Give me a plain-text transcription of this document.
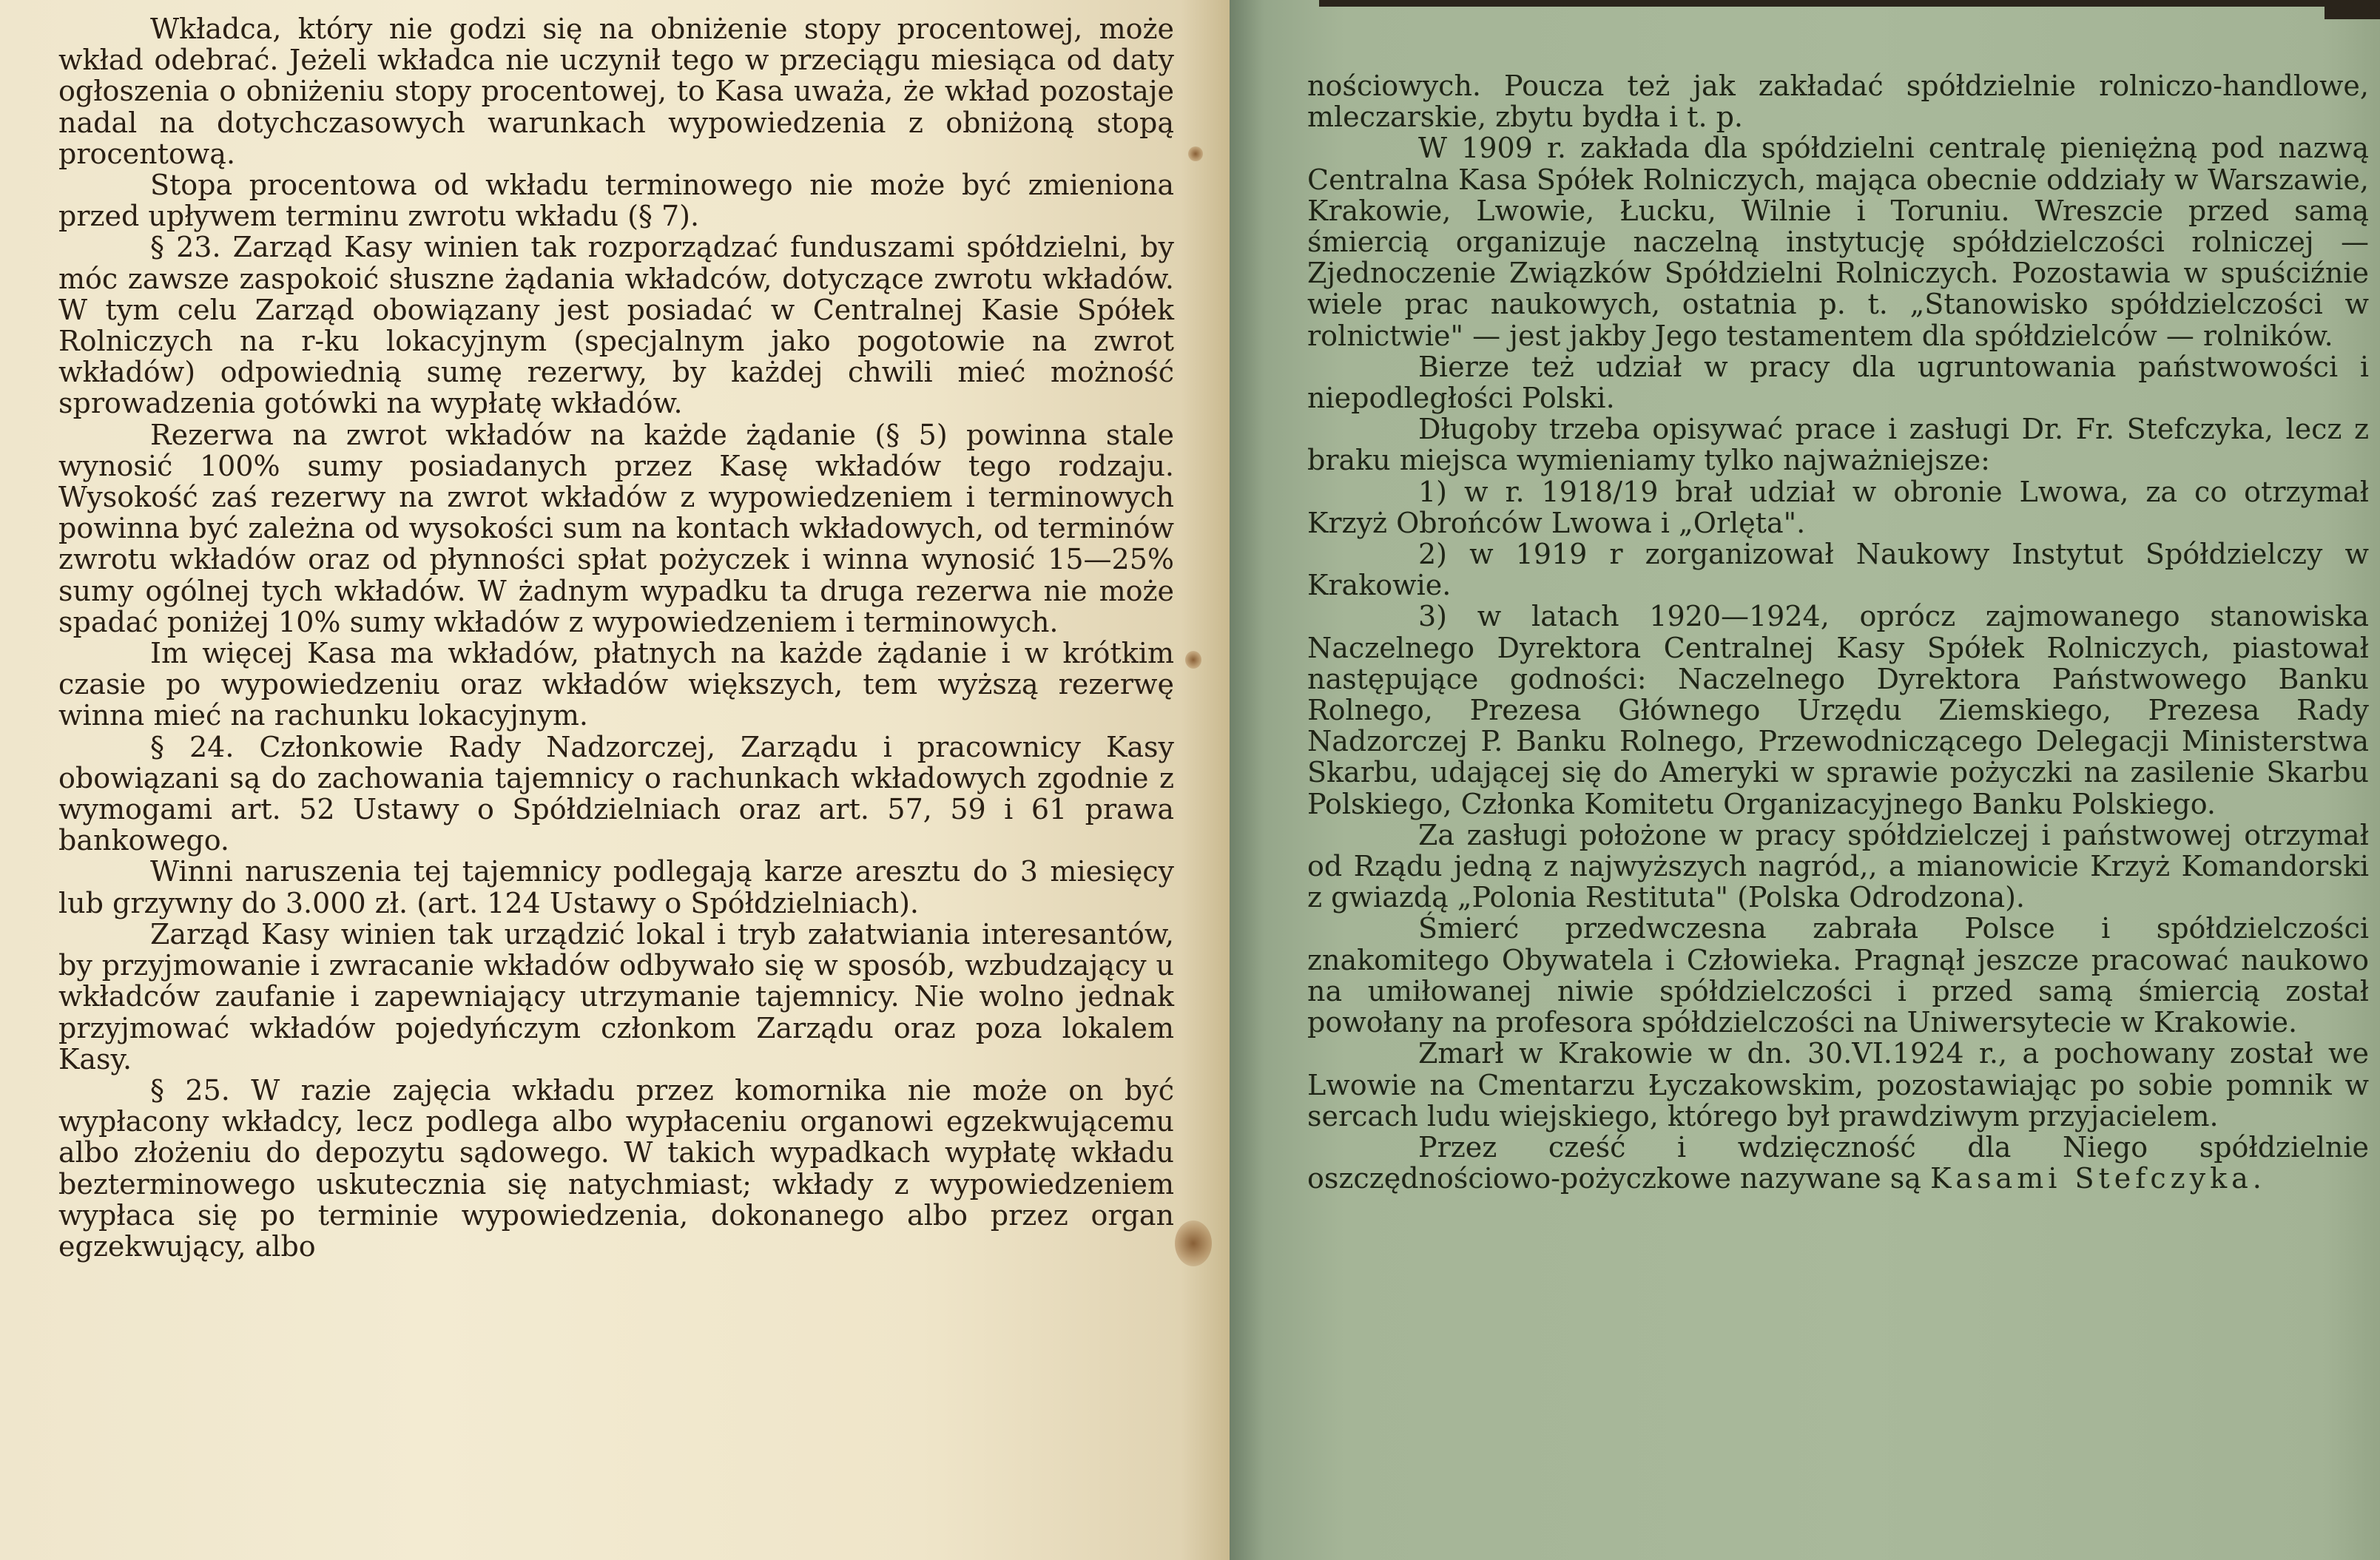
Wkładca, który nie godzi się na obniżenie stopy procentowej, może wkład odebrać. Jeżeli wkładca nie uczynił tego w przeciągu miesiąca od daty ogłoszenia o obniżeniu stopy procentowej, to Kasa uważa, że wkład pozostaje nadal na dotychczasowych warunkach wypowiedzenia z obniżoną stopą procentową.

Stopa procentowa od wkładu terminowego nie może być zmieniona przed upływem terminu zwrotu wkładu (§ 7).

§ 23. Zarząd Kasy winien tak rozporządzać funduszami spółdzielni, by móc zawsze zaspokoić słuszne żądania wkładców, dotyczące zwrotu wkładów. W tym celu Zarząd obowiązany jest posiadać w Centralnej Kasie Spółek Rolniczych na r-ku lokacyjnym (specjalnym jako pogotowie na zwrot wkładów) odpowiednią sumę rezerwy, by każdej chwili mieć możność sprowadzenia gotówki na wypłatę wkładów.

Rezerwa na zwrot wkładów na każde żądanie (§ 5) powinna stale wynosić 100% sumy posiadanych przez Kasę wkładów tego rodzaju. Wysokość zaś rezerwy na zwrot wkładów z wypowiedzeniem i terminowych powinna być zależna od wysokości sum na kontach wkładowych, od terminów zwrotu wkładów oraz od płynności spłat pożyczek i winna wynosić 15—25% sumy ogólnej tych wkładów. W żadnym wypadku ta druga rezerwa nie może spadać poniżej 10% sumy wkładów z wypowiedzeniem i terminowych.

Im więcej Kasa ma wkładów, płatnych na każde żądanie i w krótkim czasie po wypowiedzeniu oraz wkładów większych, tem wyższą rezerwę winna mieć na rachunku lokacyjnym.

§ 24. Członkowie Rady Nadzorczej, Zarządu i pracownicy Kasy obowiązani są do zachowania tajemnicy o rachunkach wkładowych zgodnie z wymogami art. 52 Ustawy o Spółdzielniach oraz art. 57, 59 i 61 prawa bankowego.

Winni naruszenia tej tajemnicy podlegają karze aresztu do 3 miesięcy lub grzywny do 3.000 zł. (art. 124 Ustawy o Spółdzielniach).

Zarząd Kasy winien tak urządzić lokal i tryb załatwiania interesantów, by przyjmowanie i zwracanie wkładów odbywało się w sposób, wzbudzający u wkładców zaufanie i zapewniający utrzymanie tajemnicy. Nie wolno jednak przyjmować wkładów pojedyńczym członkom Zarządu oraz poza lokalem Kasy.

§ 25. W razie zajęcia wkładu przez komornika nie może on być wypłacony wkładcy, lecz podlega albo wypłaceniu organowi egzekwującemu albo złożeniu do depozytu sądowego. W takich wypadkach wypłatę wkładu bezterminowego uskutecznia się natychmiast; wkłady z wypowiedzeniem wypłaca się po terminie wypowiedzenia, dokonanego albo przez organ egzekwujący, albo

nościowych. Poucza też jak zakładać spółdzielnie rolniczo-handlowe, mleczarskie, zbytu bydła i t. p.

W 1909 r. zakłada dla spółdzielni centralę pieniężną pod nazwą Centralna Kasa Spółek Rolniczych, mająca obecnie oddziały w Warszawie, Krakowie, Lwowie, Łucku, Wilnie i Toruniu. Wreszcie przed samą śmiercią organizuje naczelną instytucję spółdzielczości rolniczej — Zjednoczenie Związków Spółdzielni Rolniczych. Pozostawia w spuściźnie wiele prac naukowych, ostatnia p. t. „Stanowisko spółdzielczości w rolnictwie" — jest jakby Jego testamentem dla spółdzielców — rolników.

Bierze też udział w pracy dla ugruntowania państwowości i niepodległości Polski.

Długoby trzeba opisywać prace i zasługi Dr. Fr. Stefczyka, lecz z braku miejsca wymieniamy tylko najważniejsze:

1) w r. 1918/19 brał udział w obronie Lwowa, za co otrzymał Krzyż Obrońców Lwowa i „Orlęta".

2) w 1919 r zorganizował Naukowy Instytut Spółdzielczy w Krakowie.

3) w latach 1920—1924, oprócz zajmowanego stanowiska Naczelnego Dyrektora Centralnej Kasy Spółek Rolniczych, piastował następujące godności: Naczelnego Dyrektora Państwowego Banku Rolnego, Prezesa Głównego Urzędu Ziemskiego, Prezesa Rady Nadzorczej P. Banku Rolnego, Przewodniczącego Delegacji Ministerstwa Skarbu, udającej się do Ameryki w sprawie pożyczki na zasilenie Skarbu Polskiego, Członka Komitetu Organizacyjnego Banku Polskiego.

Za zasługi położone w pracy spółdzielczej i państwowej otrzymał od Rządu jedną z najwyższych nagród,, a mianowicie Krzyż Komandorski z gwiazdą „Polonia Restituta" (Polska Odrodzona).

Śmierć przedwczesna zabrała Polsce i spółdzielczości znakomitego Obywatela i Człowieka. Pragnął jeszcze pracować naukowo na umiłowanej niwie spółdzielczości i przed samą śmiercią został powołany na profesora spółdzielczości na Uniwersytecie w Krakowie.

Zmarł w Krakowie w dn. 30.VI.1924 r., a pochowany został we Lwowie na Cmentarzu Łyczakowskim, pozostawiając po sobie pomnik w sercach ludu wiejskiego, którego był prawdziwym przyjacielem.

Przez cześć i wdzięczność dla Niego spółdzielnie oszczędnościowo-pożyczkowe nazywane są Kasami Stefczyka.
